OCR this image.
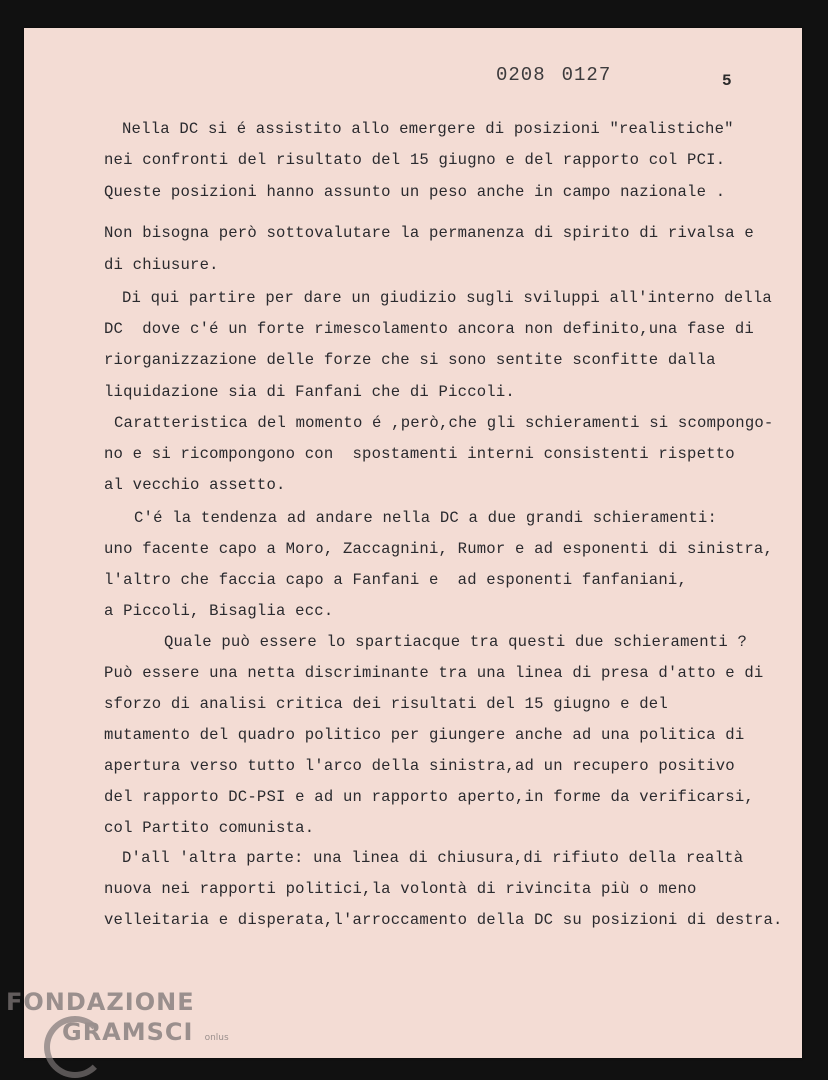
0208 0127	5
Nella DC si é assistito allo emergere di posizioni "realistiche"
nei confronti del risultato del 15 giugno e del rapporto col PCI.
Queste posizioni hanno assunto un peso anche in campo nazionale .
Non bisogna però sottovalutare la permanenza di spirito di rivalsa e
di chiusure.
Di qui partire per dare un giudizio sugli sviluppi all'interno della
DC  dove c'é un forte rimescolamento ancora non definito,una fase di
riorganizzazione delle forze che si sono sentite sconfitte dalla
liquidazione sia di Fanfani che di Piccoli.
Caratteristica del momento é ,però,che gli schieramenti si scompongo-
no e si ricompongono con  spostamenti interni consistenti rispetto
al vecchio assetto.
C'é la tendenza ad andare nella DC a due grandi schieramenti:
uno facente capo a Moro, Zaccagnini, Rumor e ad esponenti di sinistra,
l'altro che faccia capo a Fanfani e  ad esponenti fanfaniani,
a Piccoli, Bisaglia ecc.
Quale può essere lo spartiacque tra questi due schieramenti ?
Può essere una netta discriminante tra una linea di presa d'atto e di
sforzo di analisi critica dei risultati del 15 giugno e del
mutamento del quadro politico per giungere anche ad una politica di
apertura verso tutto l'arco della sinistra,ad un recupero positivo
del rapporto DC-PSI e ad un rapporto aperto,in forme da verificarsi,
col Partito comunista.
D'all 'altra parte: una linea di chiusura,di rifiuto della realtà
nuova nei rapporti politici,la volontà di rivincita più o meno
velleitaria e disperata,l'arroccamento della DC su posizioni di destra.
FONDAZIONE
GRAMSCI onlus
